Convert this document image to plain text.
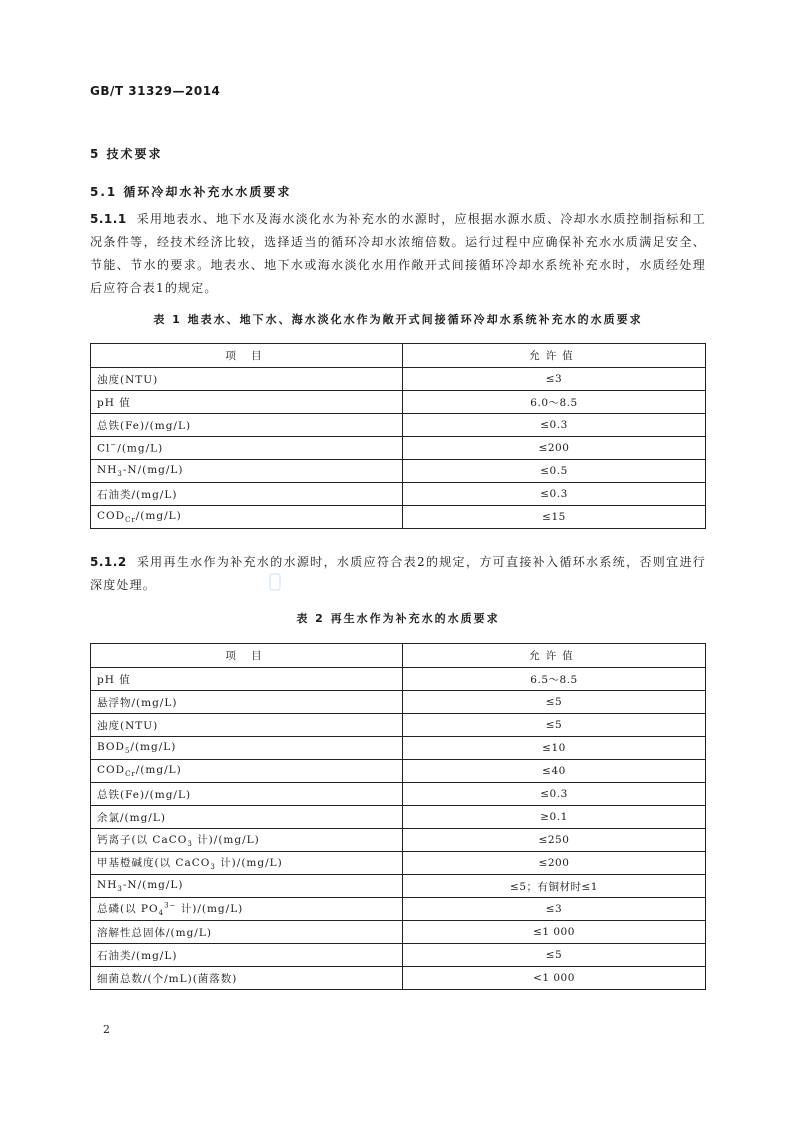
GB/T 31329—2014
5 技术要求
5.1 循环冷却水补充水水质要求
5.1.1 采用地表水、地下水及海水淡化水为补充水的水源时，应根据水源水质、冷却水水质控制指标和工况条件等，经技术经济比较，选择适当的循环冷却水浓缩倍数。运行过程中应确保补充水水质满足安全、节能、节水的要求。地表水、地下水或海水淡化水用作敞开式间接循环冷却水系统补充水时，水质经处理后应符合表1的规定。
表 1 地表水、地下水、海水淡化水作为敞开式间接循环冷却水系统补充水的水质要求
项 目	允许值
浊度(NTU)	≤3
pH 值	6.0～8.5
总铁(Fe)/(mg/L)	≤0.3
Cl−/(mg/L)	≤200
$NH_3-N/(mg/L)$	≤0.5
石油类/(mg/L)	≤0.3
$COD_{Cr}/(mg/L)$	≤15
5.1.2 采用再生水作为补充水的水源时，水质应符合表2的规定，方可直接补入循环水系统，否则宜进行深度处理。
表 2 再生水作为补充水的水质要求
项 目	允许值
pH 值	6.5～8.5
悬浮物/(mg/L)	≤5
浊度(NTU)	≤5
$BOD_5/(mg/L)$	≤10
$COD_{Cr}/(mg/L)$	≤40
总铁(Fe)/(mg/L)	≤0.3
余氯/(mg/L)	≥0.1
钙离子(以 CaCO$_3$ 计)/(mg/L)	≤250
甲基橙碱度(以 CaCO$_3$ 计)/(mg/L)	≤200
$NH_3-N/(mg/L)$	≤5；有铜材时≤1
总磷(以 $PO_4^{3-}$ 计)/(mg/L)	≤3
溶解性总固体/(mg/L)	≤1 000
石油类/(mg/L)	≤5
细菌总数/(个/mL)(菌落数)	<1 000
2
